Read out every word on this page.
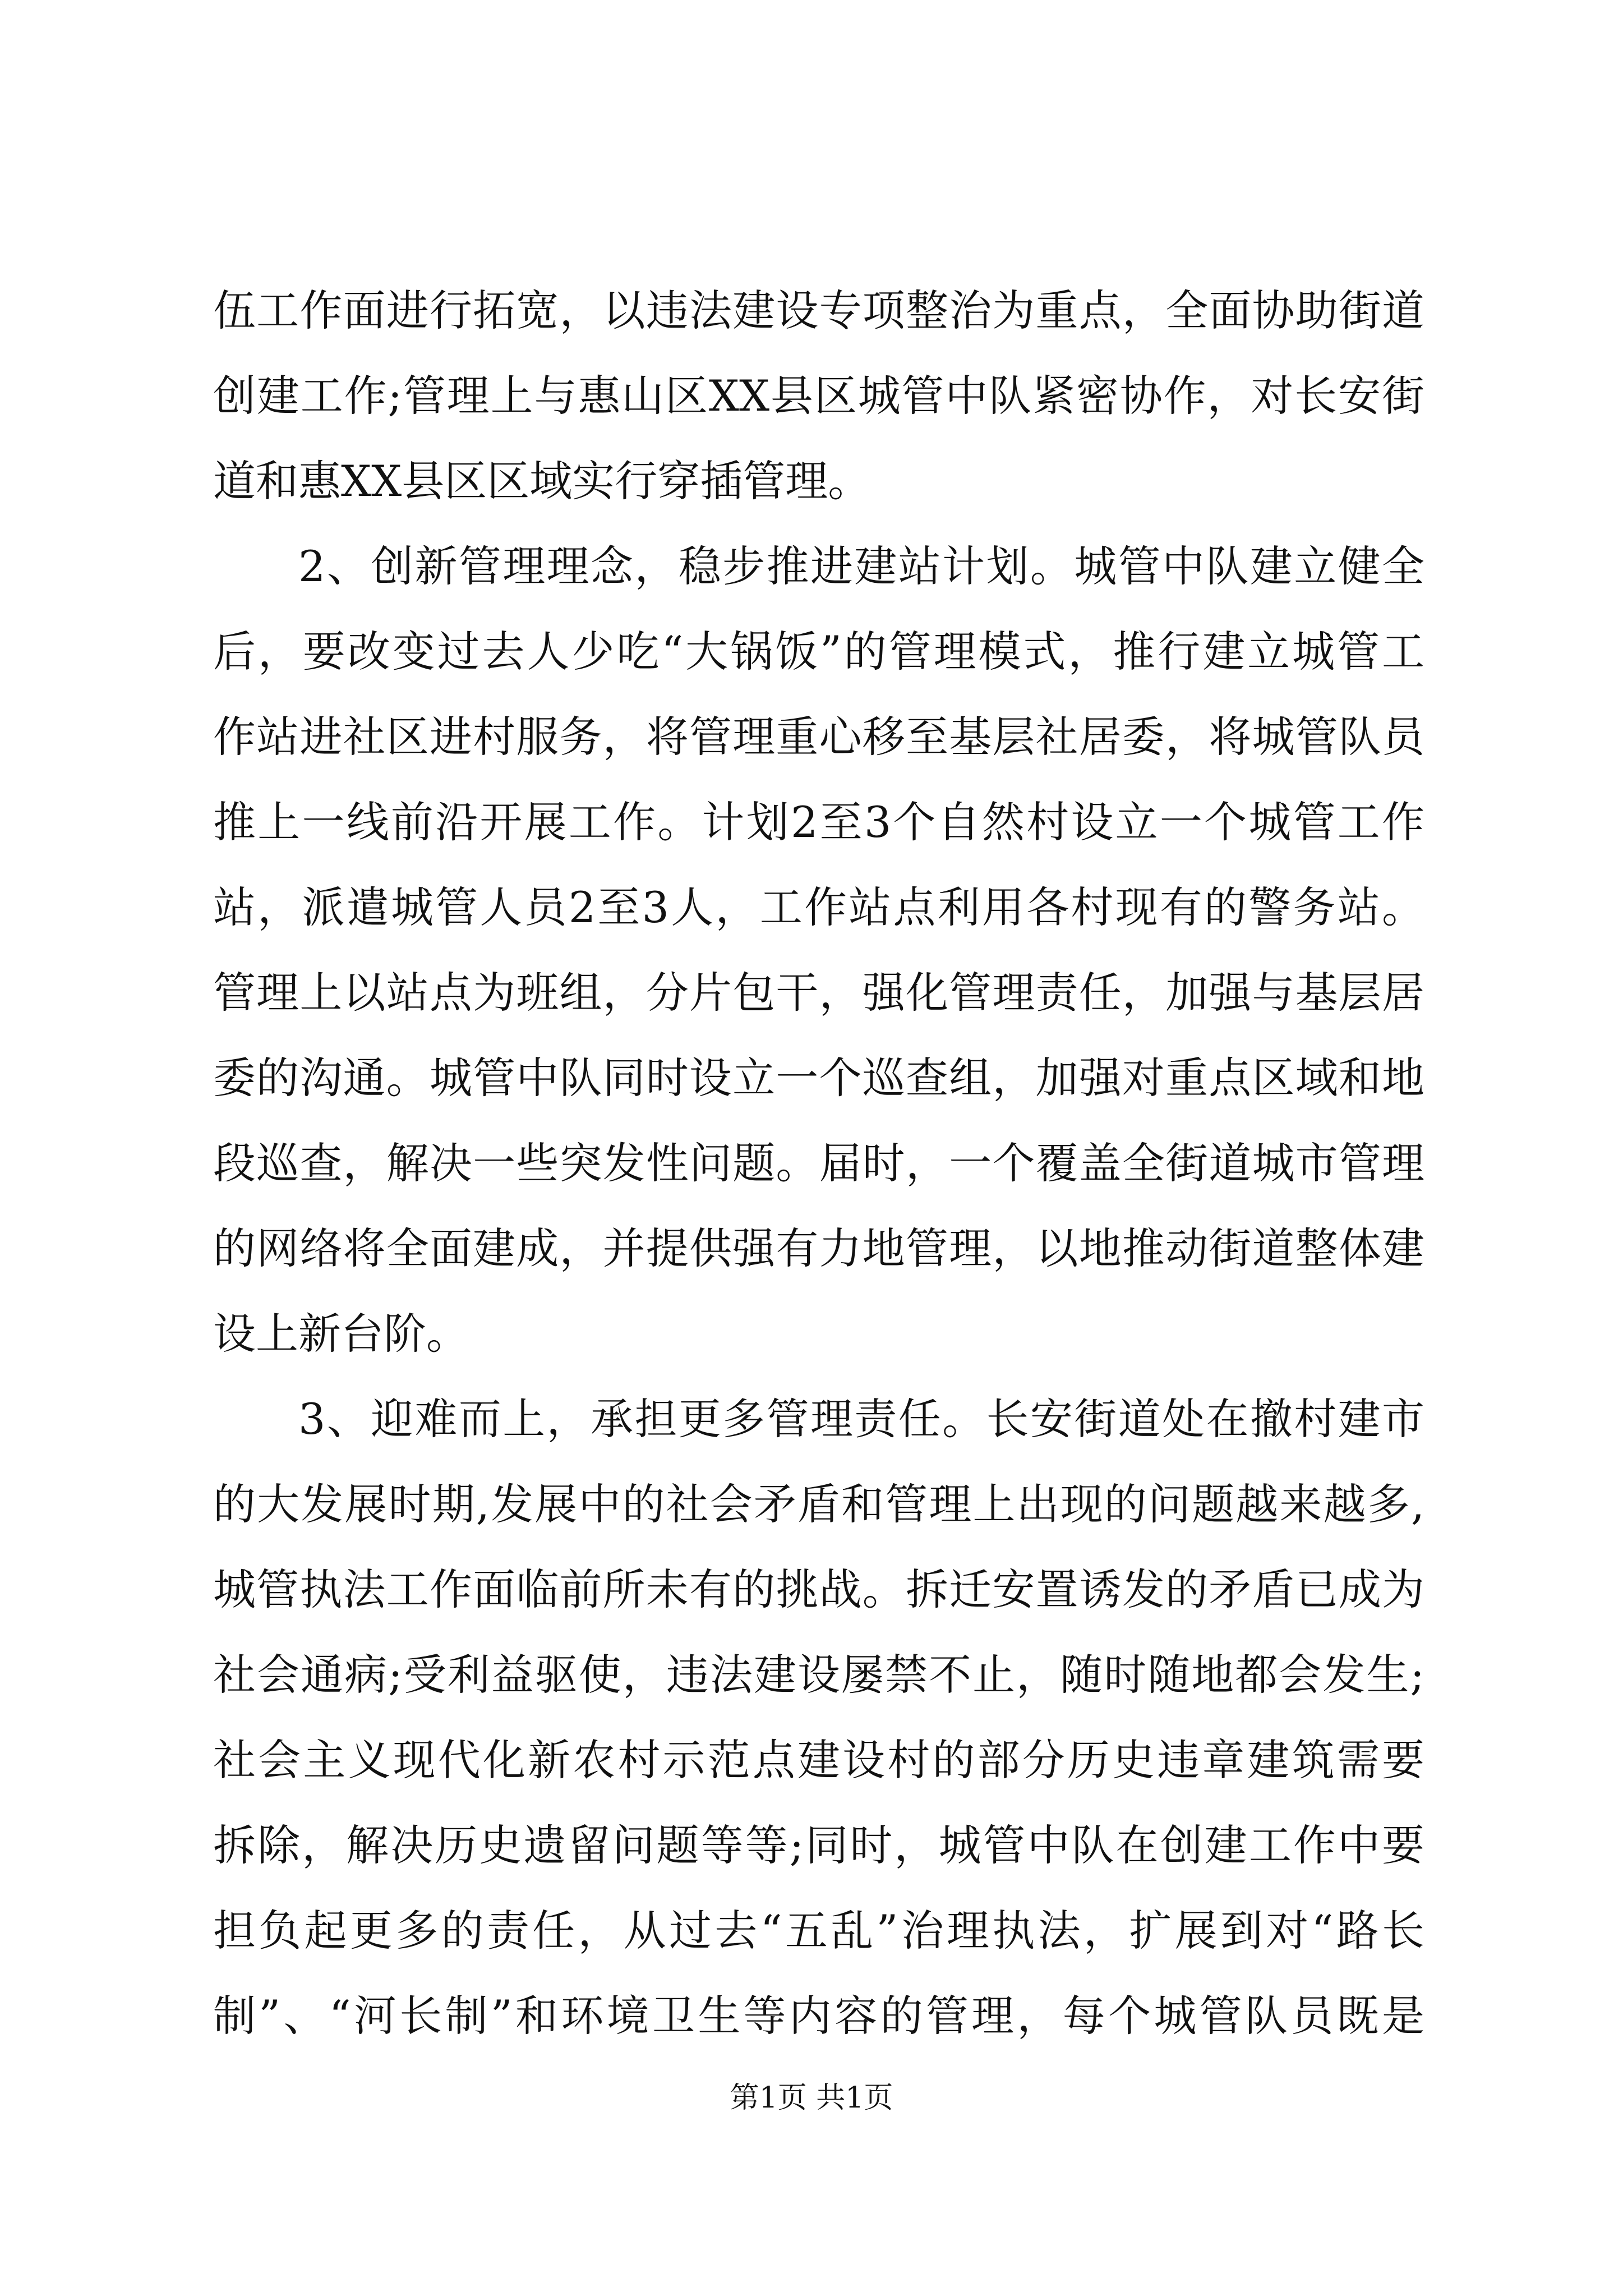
伍工作面进行拓宽，以违法建设专项整治为重点，全面协助街道
创建工作;管理上与惠山区XX县区城管中队紧密协作，对长安街
道和惠XX县区区域实行穿插管理。
2、创新管理理念，稳步推进建站计划。城管中队建立健全
后，要改变过去人少吃“大锅饭”的管理模式，推行建立城管工
作站进社区进村服务，将管理重心移至基层社居委，将城管队员
推上一线前沿开展工作。计划2至3个自然村设立一个城管工作
站，派遣城管人员2至3人，工作站点利用各村现有的警务站。
管理上以站点为班组，分片包干，强化管理责任，加强与基层居
委的沟通。城管中队同时设立一个巡查组，加强对重点区域和地
段巡查，解决一些突发性问题。届时，一个覆盖全街道城市管理
的网络将全面建成，并提供强有力地管理，以地推动街道整体建
设上新台阶。
3、迎难而上，承担更多管理责任。长安街道处在撤村建市
的大发展时期,发展中的社会矛盾和管理上出现的问题越来越多,
城管执法工作面临前所未有的挑战。拆迁安置诱发的矛盾已成为
社会通病;受利益驱使，违法建设屡禁不止，随时随地都会发生;
社会主义现代化新农村示范点建设村的部分历史违章建筑需要
拆除，解决历史遗留问题等等;同时，城管中队在创建工作中要
担负起更多的责任，从过去“五乱”治理执法，扩展到对“路长
制”、“河长制”和环境卫生等内容的管理，每个城管队员既是
第1页 共1页
